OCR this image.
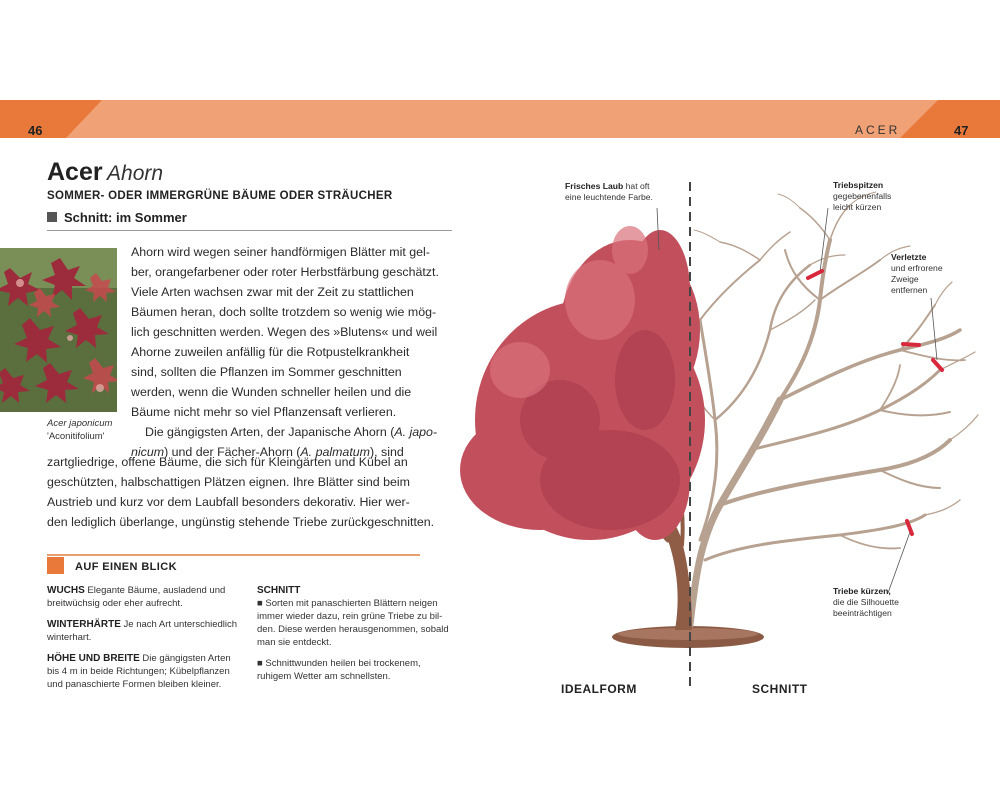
46	ACER	47
Acer Ahorn
SOMMER- ODER IMMERGRÜNE BÄUME ODER STRÄUCHER
Schnitt: im Sommer
Acer japonicum
'Aconitifolium'
Ahorn wird wegen seiner handförmigen Blätter mit gel-
ber, orangefarbener oder roter Herbstfärbung geschätzt.
Viele Arten wachsen zwar mit der Zeit zu stattlichen
Bäumen heran, doch sollte trotzdem so wenig wie mög-
lich geschnitten werden. Wegen des »Blutens« und weil
Ahorne zuweilen anfällig für die Rotpustelkrankheit
sind, sollten die Pflanzen im Sommer geschnitten
werden, wenn die Wunden schneller heilen und die
Bäume nicht mehr so viel Pflanzensaft verlieren.
Die gängigsten Arten, der Japanische Ahorn (A. japo-
nicum) und der Fächer-Ahorn (A. palmatum), sind
zartgliedrige, offene Bäume, die sich für Kleingärten und Kübel an
geschützten, halbschattigen Plätzen eignen. Ihre Blätter sind beim
Austrieb und kurz vor dem Laubfall besonders dekorativ. Hier wer-
den lediglich überlange, ungünstig stehende Triebe zurückgeschnitten.
AUF EINEN BLICK
WUCHS Elegante Bäume, ausladend und
breitwüchsig oder eher aufrecht.
WINTERHÄRTE Je nach Art unterschiedlich
winterhart.
HÖHE UND BREITE Die gängigsten Arten
bis 4 m in beide Richtungen; Kübelpflanzen
und panaschierte Formen bleiben kleiner.
SCHNITT
■ Sorten mit panaschierten Blättern neigen
immer wieder dazu, rein grüne Triebe zu bil-
den. Diese werden herausgenommen, sobald
man sie entdeckt.
■ Schnittwunden heilen bei trockenem,
ruhigem Wetter am schnellsten.
Frisches Laub hat oft
eine leuchtende Farbe.
Triebspitzen
gegebenenfalls
leicht kürzen
Verletzte
und erfrorene
Zweige
entfernen
Triebe kürzen,
die die Silhouette
beeinträchtigen
IDEALFORM	SCHNITT
